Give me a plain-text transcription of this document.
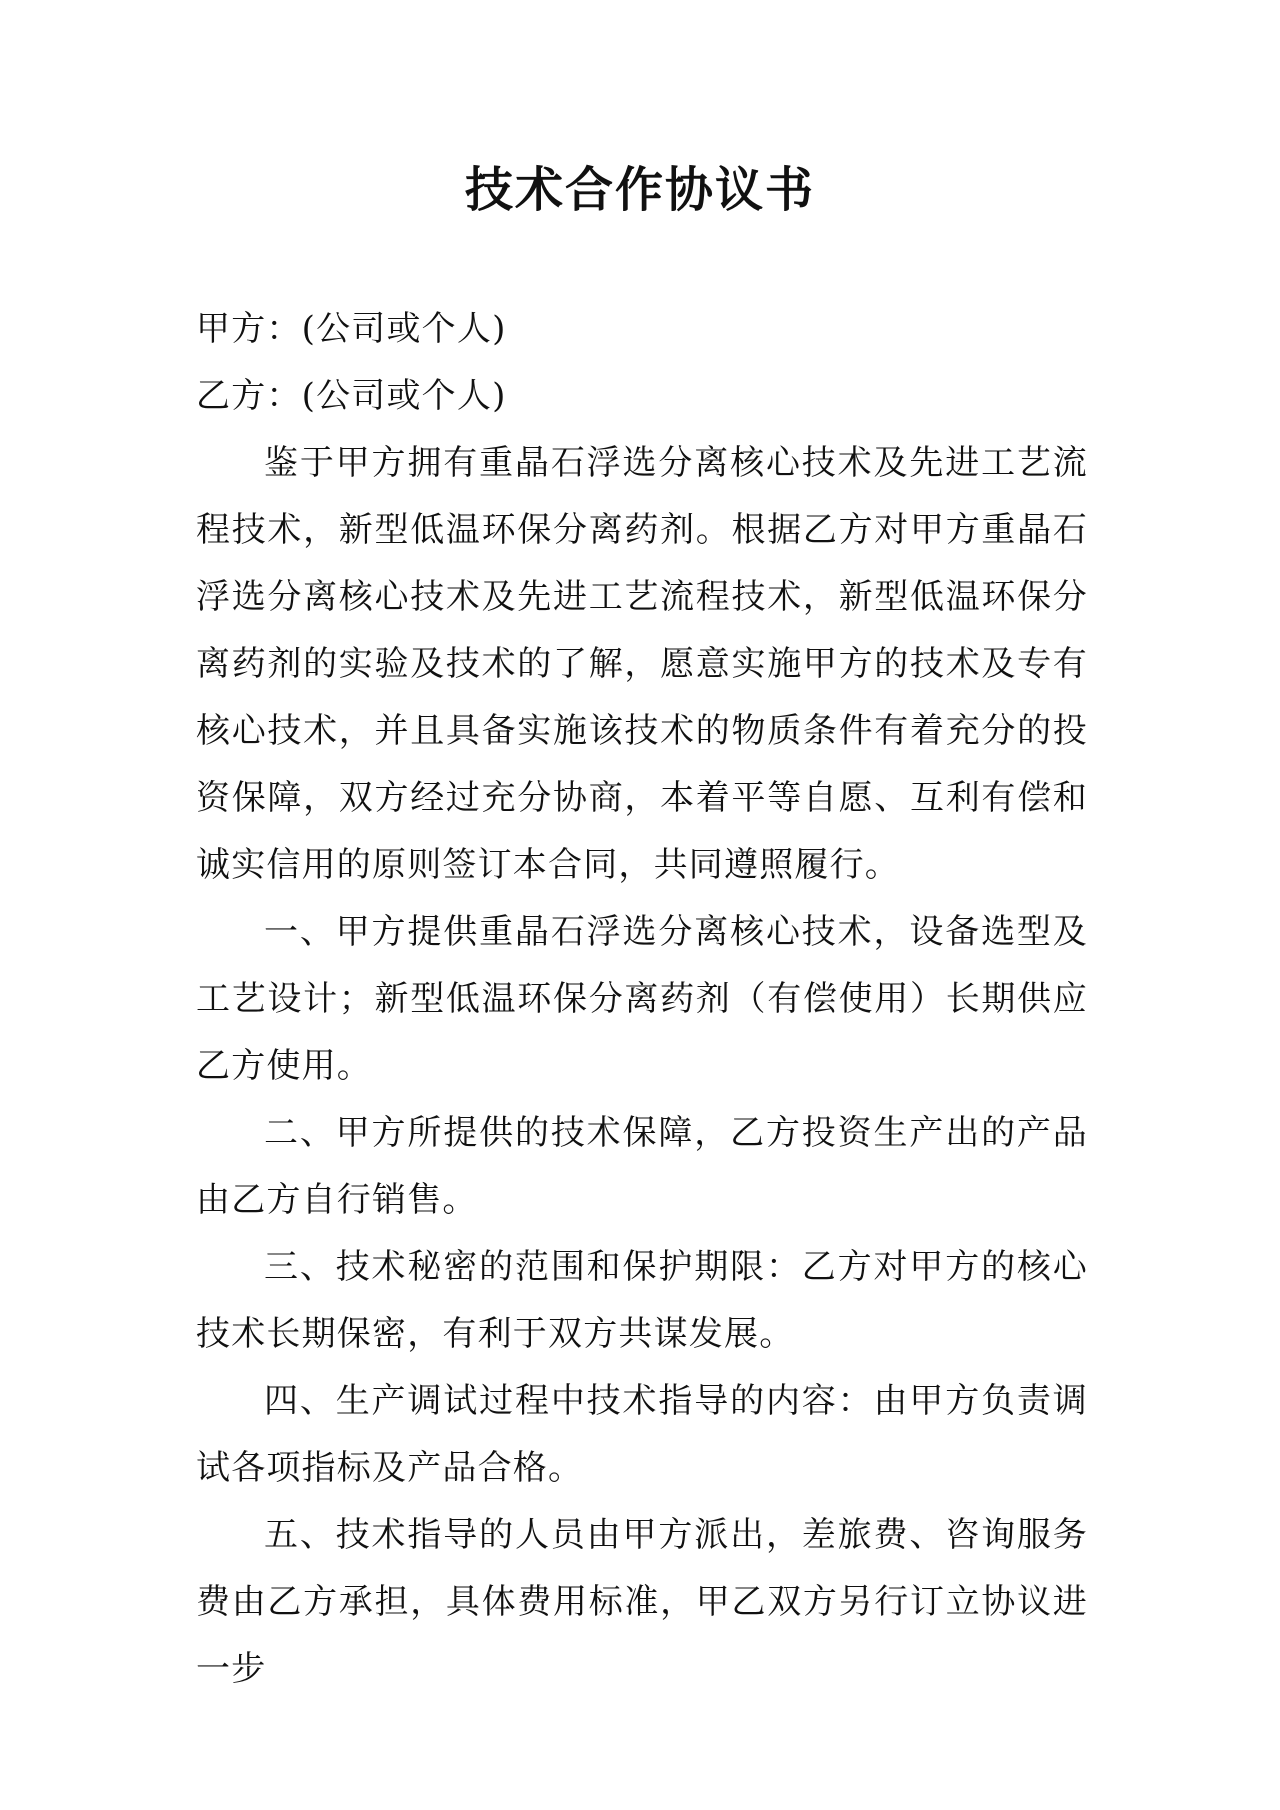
技术合作协议书

甲方：(公司或个人)

乙方：(公司或个人)

鉴于甲方拥有重晶石浮选分离核心技术及先进工艺流程技术，新型低温环保分离药剂。根据乙方对甲方重晶石浮选分离核心技术及先进工艺流程技术，新型低温环保分离药剂的实验及技术的了解，愿意实施甲方的技术及专有核心技术，并且具备实施该技术的物质条件有着充分的投资保障，双方经过充分协商，本着平等自愿、互利有偿和诚实信用的原则签订本合同，共同遵照履行。

一、甲方提供重晶石浮选分离核心技术，设备选型及工艺设计；新型低温环保分离药剂（有偿使用）长期供应乙方使用。

二、甲方所提供的技术保障，乙方投资生产出的产品由乙方自行销售。

三、技术秘密的范围和保护期限：乙方对甲方的核心技术长期保密，有利于双方共谋发展。

四、生产调试过程中技术指导的内容：由甲方负责调试各项指标及产品合格。

五、技术指导的人员由甲方派出，差旅费、咨询服务费由乙方承担，具体费用标准，甲乙双方另行订立协议进一步
